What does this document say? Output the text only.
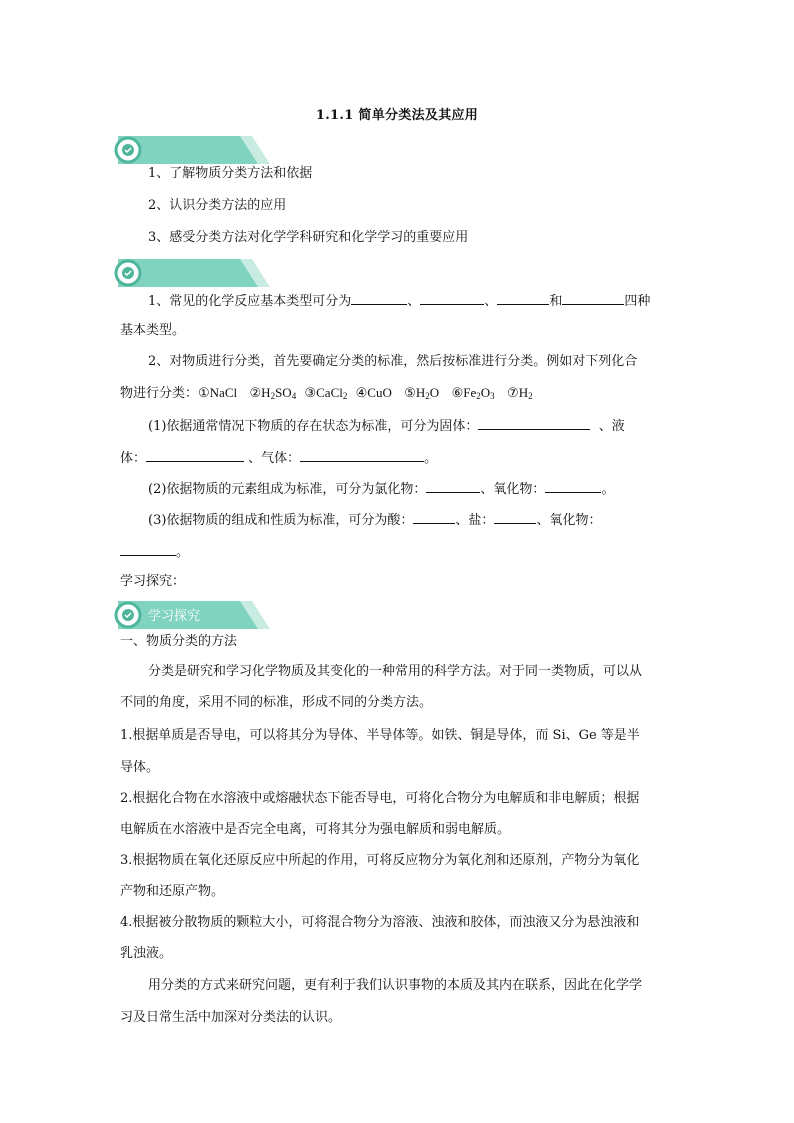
1.1.1 简单分类法及其应用
1、了解物质分类方法和依据
2、认识分类方法的应用
3、感受分类方法对化学学科研究和化学学习的重要应用
1、常见的化学反应基本类型可分为	、	、	和	四种
基本类型。
2、对物质进行分类，首先要确定分类的标准，然后按标准进行分类。例如对下列化合
物进行分类：①NaCl $②H_2SO_4$ ③CaCl$_2$ ④CuO $⑤H_2O$ $⑥Fe_2O_3$ $⑦H_2$
(1)依据通常情况下物质的存在状态为标准，可分为固体：	、液
体：	、气体：	。
(2)依据物质的元素组成为标准，可分为氯化物：	、氧化物：	。
(3)依据物质的组成和性质为标准，可分为酸：	、盐：	、氧化物：
。
学习探究：
学习探究
一、物质分类的方法
分类是研究和学习化学物质及其变化的一种常用的科学方法。对于同一类物质，可以从
不同的角度，采用不同的标准，形成不同的分类方法。
1.根据单质是否导电，可以将其分为导体、半导体等。如铁、铜是导体，而 Si、Ge 等是半
导体。
2.根据化合物在水溶液中或熔融状态下能否导电，可将化合物分为电解质和非电解质；根据
电解质在水溶液中是否完全电离，可将其分为强电解质和弱电解质。
3.根据物质在氧化还原反应中所起的作用，可将反应物分为氧化剂和还原剂，产物分为氧化
产物和还原产物。
4.根据被分散物质的颗粒大小，可将混合物分为溶液、浊液和胶体，而浊液又分为悬浊液和
乳浊液。
用分类的方式来研究问题，更有利于我们认识事物的本质及其内在联系，因此在化学学
习及日常生活中加深对分类法的认识。
